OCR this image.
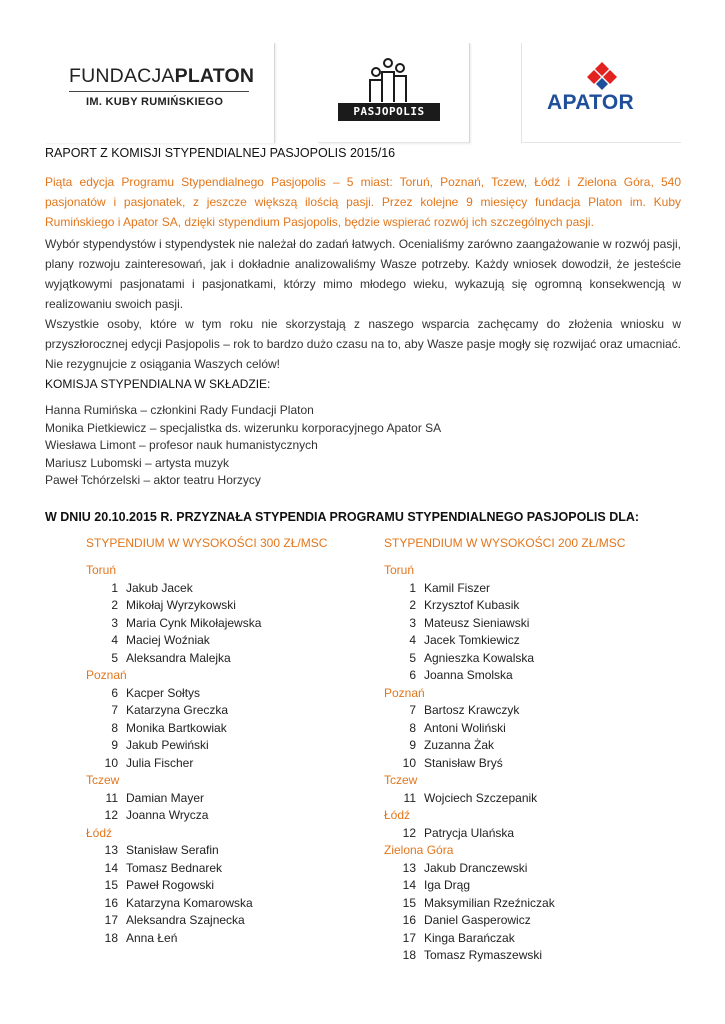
FUNDACJAPLATON
IM. KUBY RUMIŃSKIEGO
PASJOPOLIS	APATOR
RAPORT Z KOMISJI STYPENDIALNEJ PASJOPOLIS 2015/16

Piąta edycja Programu Stypendialnego Pasjopolis – 5 miast: Toruń, Poznań, Tczew, Łódź i Zielona Góra, 540 pasjonatów i pasjonatek, z jeszcze większą ilością pasji. Przez kolejne 9 miesięcy fundacja Platon im. Kuby Rumińskiego i Apator SA, dzięki stypendium Pasjopolis, będzie wspierać rozwój ich szczególnych pasji.

Wybór stypendystów i stypendystek nie należał do zadań łatwych. Ocenialiśmy zarówno zaangażowanie w rozwój pasji, plany rozwoju zainteresowań, jak i dokładnie analizowaliśmy Wasze potrzeby. Każdy wniosek dowodził, że jesteście wyjątkowymi pasjonatami i pasjonatkami, którzy mimo młodego wieku, wykazują się ogromną konsekwencją w realizowaniu swoich pasji.

Wszystkie osoby, które w tym roku nie skorzystają z naszego wsparcia zachęcamy do złożenia wniosku w przyszłorocznej edycji Pasjopolis – rok to bardzo dużo czasu na to, aby Wasze pasje mogły się rozwijać oraz umacniać. Nie rezygnujcie z osiągania Waszych celów!

KOMISJA STYPENDIALNA W SKŁADZIE:
Hanna Rumińska – członkini Rady Fundacji Platon
Monika Pietkiewicz – specjalistka ds. wizerunku korporacyjnego Apator SA
Wiesława Limont – profesor nauk humanistycznych
Mariusz Lubomski – artysta muzyk
Paweł Tchórzelski – aktor teatru Horzycy
W DNIU 20.10.2015 R. PRZYZNAŁA STYPENDIA PROGRAMU STYPENDIALNEGO PASJOPOLIS DLA:
STYPENDIUM W WYSOKOŚCI 300 ZŁ/MSC
Toruń
1 Jakub Jacek
2 Mikołaj Wyrzykowski
3 Maria Cynk Mikołajewska
4 Maciej Woźniak
5 Aleksandra Malejka
Poznań
6 Kacper Sołtys
7 Katarzyna Greczka
8 Monika Bartkowiak
9 Jakub Pewiński
10 Julia Fischer
Tczew
11 Damian Mayer
12 Joanna Wrycza
Łódź
13 Stanisław Serafin
14 Tomasz Bednarek
15 Paweł Rogowski
16 Katarzyna Komarowska
17 Aleksandra Szajnecka
18 Anna Łeń
STYPENDIUM W WYSOKOŚCI 200 ZŁ/MSC
Toruń
1 Kamil Fiszer
2 Krzysztof Kubasik
3 Mateusz Sieniawski
4 Jacek Tomkiewicz
5 Agnieszka Kowalska
6 Joanna Smolska
Poznań
7 Bartosz Krawczyk
8 Antoni Woliński
9 Zuzanna Żak
10 Stanisław Bryś
Tczew
11 Wojciech Szczepanik
Łódź
12 Patrycja Ulańska
Zielona Góra
13 Jakub Dranczewski
14 Iga Drąg
15 Maksymilian Rzeźniczak
16 Daniel Gasperowicz
17 Kinga Barańczak
18 Tomasz Rymaszewski
